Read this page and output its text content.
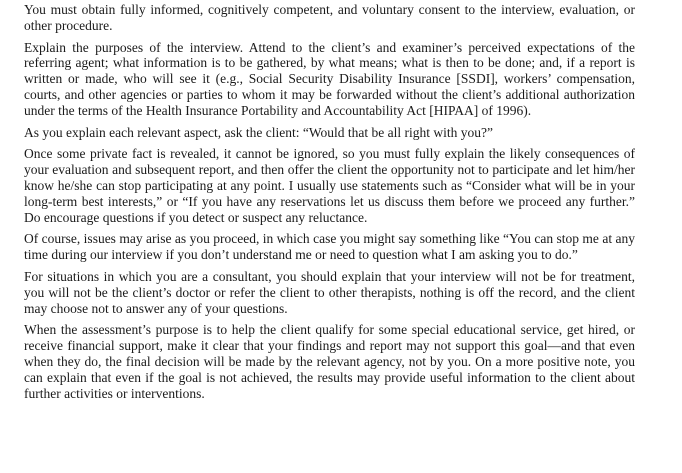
You must obtain fully informed, cognitively competent, and voluntary consent to the interview, evaluation, or other procedure.

Explain the purposes of the interview. Attend to the client’s and examiner’s perceived expectations of the referring agent; what information is to be gathered, by what means; what is then to be done; and, if a report is written or made, who will see it (e.g., Social Security Disability Insurance [SSDI], workers’ compensation, courts, and other agencies or parties to whom it may be forwarded without the client’s additional authorization under the terms of the Health Insurance Portability and Accountability Act [HIPAA] of 1996).

As you explain each relevant aspect, ask the client: “Would that be all right with you?”

Once some private fact is revealed, it cannot be ignored, so you must fully explain the likely consequences of your evaluation and subsequent report, and then offer the client the opportunity not to participate and let him/her know he/she can stop participating at any point. I usually use statements such as “Consider what will be in your long-term best interests,” or “If you have any reservations let us discuss them before we proceed any further.” Do encourage questions if you detect or suspect any reluctance.

Of course, issues may arise as you proceed, in which case you might say something like “You can stop me at any time during our interview if you don’t understand me or need to question what I am asking you to do.”

For situations in which you are a consultant, you should explain that your interview will not be for treatment, you will not be the client’s doctor or refer the client to other therapists, nothing is off the record, and the client may choose not to answer any of your questions.

When the assessment’s purpose is to help the client qualify for some special educational service, get hired, or receive financial support, make it clear that your findings and report may not support this goal—and that even when they do, the final decision will be made by the relevant agency, not by you. On a more positive note, you can explain that even if the goal is not achieved, the results may provide useful information to the client about further activities or interventions.
